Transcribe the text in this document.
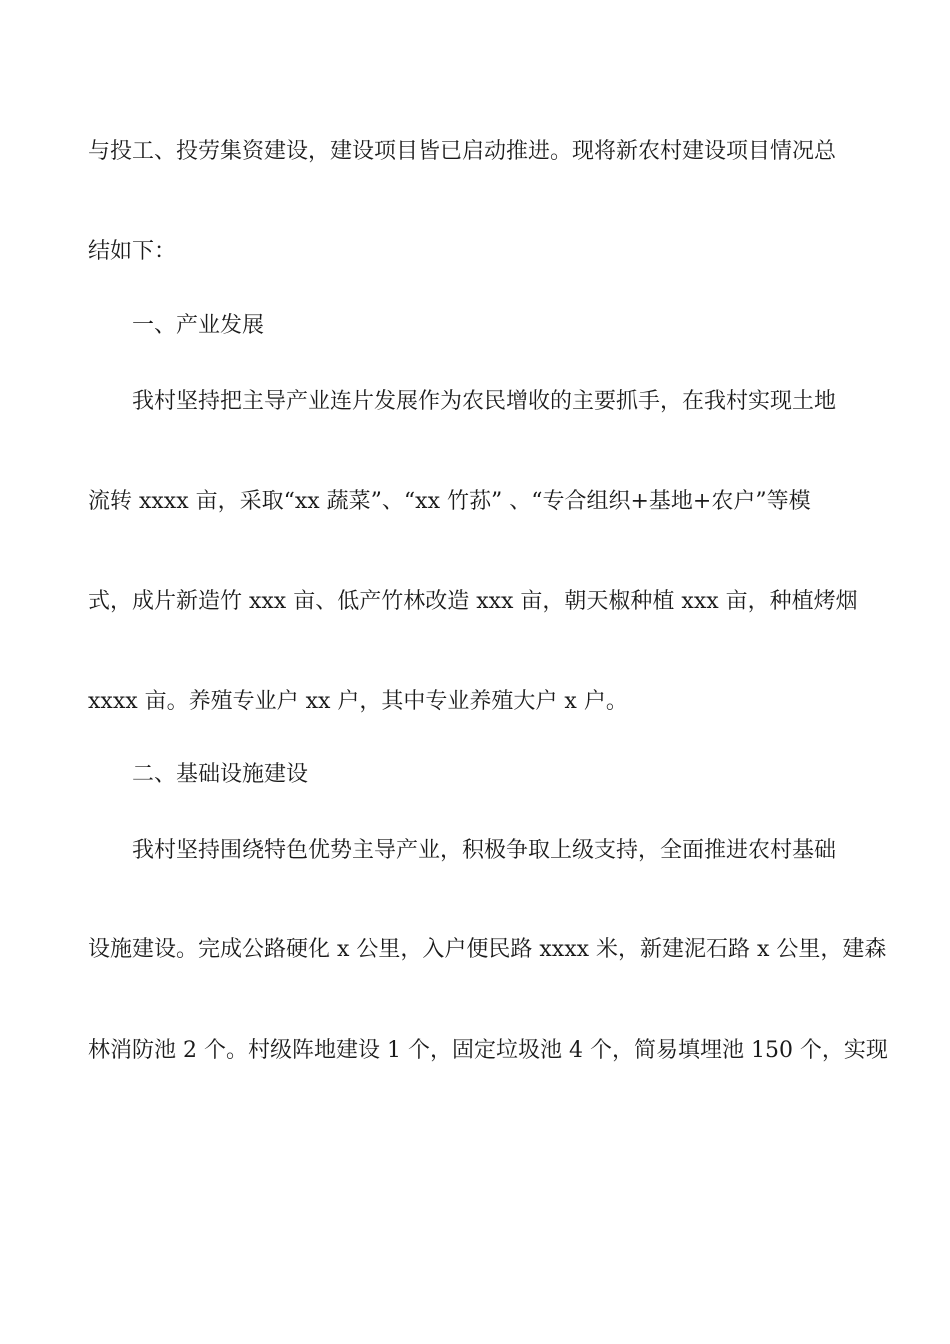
与投工、投劳集资建设，建设项目皆已启动推进。现将新农村建设项目情况总
结如下：
一、产业发展
我村坚持把主导产业连片发展作为农民增收的主要抓手，在我村实现土地
流转 xxxx 亩，采取“xx 蔬菜”、“xx 竹荪” 、“专合组织+基地+农户”等模
式，成片新造竹 xxx 亩、低产竹林改造 xxx 亩，朝天椒种植 xxx 亩，种植烤烟
xxxx 亩。养殖专业户 xx 户，其中专业养殖大户 x 户。
二、基础设施建设
我村坚持围绕特色优势主导产业，积极争取上级支持，全面推进农村基础
设施建设。完成公路硬化 x 公里，入户便民路 xxxx 米，新建泥石路 x 公里，建森
林消防池 2 个。村级阵地建设 1 个，固定垃圾池 4 个，简易填埋池 150 个，实现
